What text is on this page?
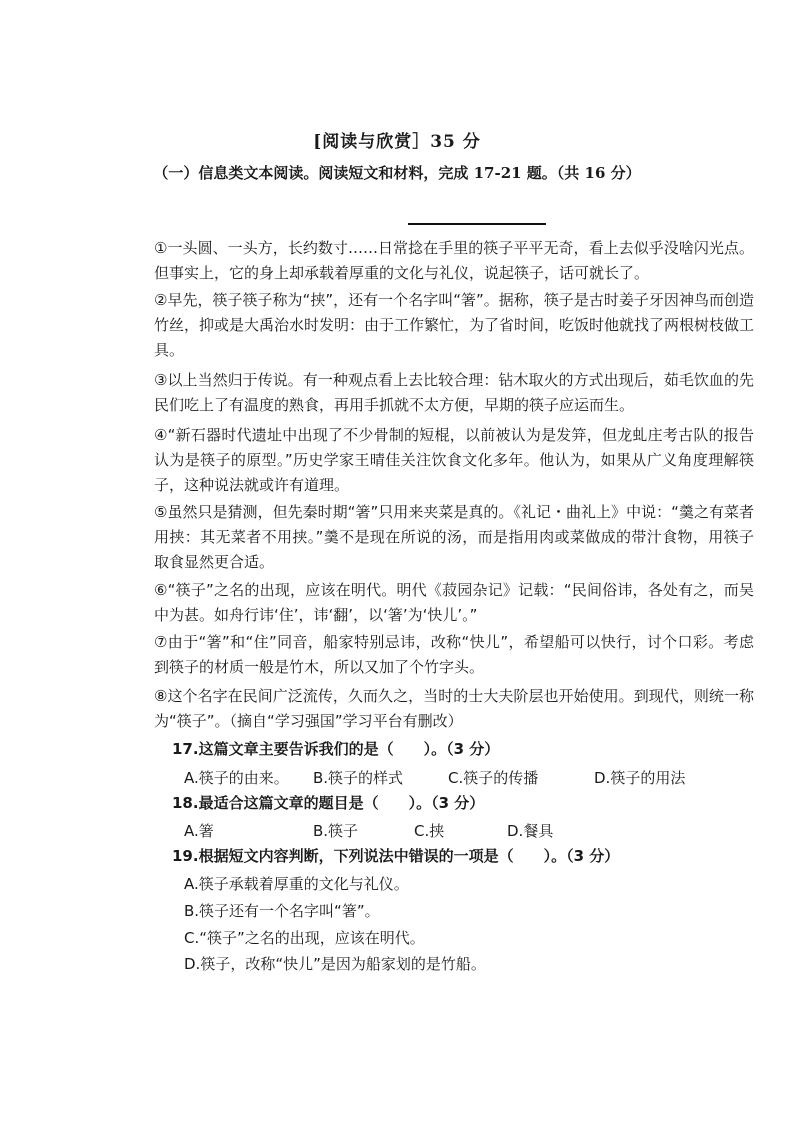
[阅读与欣赏］35 分
（一）信息类文本阅读。阅读短文和材料，完成 17-21 题。（共 16 分）
①一头圆、一头方，长约数寸……日常捻在手里的筷子平平无奇，看上去似乎没啥闪光点。但事实上，它的身上却承载着厚重的文化与礼仪，说起筷子，话可就长了。
②早先，筷子筷子称为“挟”，还有一个名字叫“箸”。据称，筷子是古时姜子牙因神鸟而创造竹丝，抑或是大禹治水时发明：由于工作繁忙，为了省时间，吃饭时他就找了两根树枝做工具。
③以上当然归于传说。有一种观点看上去比较合理：钻木取火的方式出现后，茹毛饮血的先民们吃上了有温度的熟食，再用手抓就不太方便，早期的筷子应运而生。
④“新石器时代遗址中出现了不少骨制的短棍，以前被认为是发笄，但龙虬庄考古队的报告认为是筷子的原型。”历史学家王晴佳关注饮食文化多年。他认为，如果从广义角度理解筷子，这种说法就或许有道理。
⑤虽然只是猜测，但先秦时期“箸”只用来夹菜是真的。《礼记・曲礼上》中说：“羹之有菜者用挟：其无菜者不用挟。”羹不是现在所说的汤，而是指用肉或菜做成的带汁食物，用筷子取食显然更合适。
⑥“筷子”之名的出现，应该在明代。明代《菽园杂记》记载：“民间俗讳，各处有之，而吴中为甚。如舟行讳‘住’，讳‘翻’，以‘箸’为‘快儿’。”
⑦由于“箸”和“住”同音，船家特别忌讳，改称“快儿”，希望船可以快行，讨个口彩。考虑到筷子的材质一般是竹木，所以又加了个竹字头。
⑧这个名字在民间广泛流传，久而久之，当时的士大夫阶层也开始使用。到现代，则统一称为“筷子”。（摘自“学习强国”学习平台有删改）
17.这篇文章主要告诉我们的是（　　）。（3 分）
A.筷子的由来。 B.筷子的样式	C.筷子的传播	D.筷子的用法
18.最适合这篇文章的题目是（　　）。（3 分）
A.箸	B.筷子	C.挟	D.餐具
19.根据短文内容判断，下列说法中错误的一项是（　　）。（3 分）
A.筷子承载着厚重的文化与礼仪。
B.筷子还有一个名字叫“箸”。
C.“筷子”之名的出现，应该在明代。
D.筷子，改称“快儿”是因为船家划的是竹船。
